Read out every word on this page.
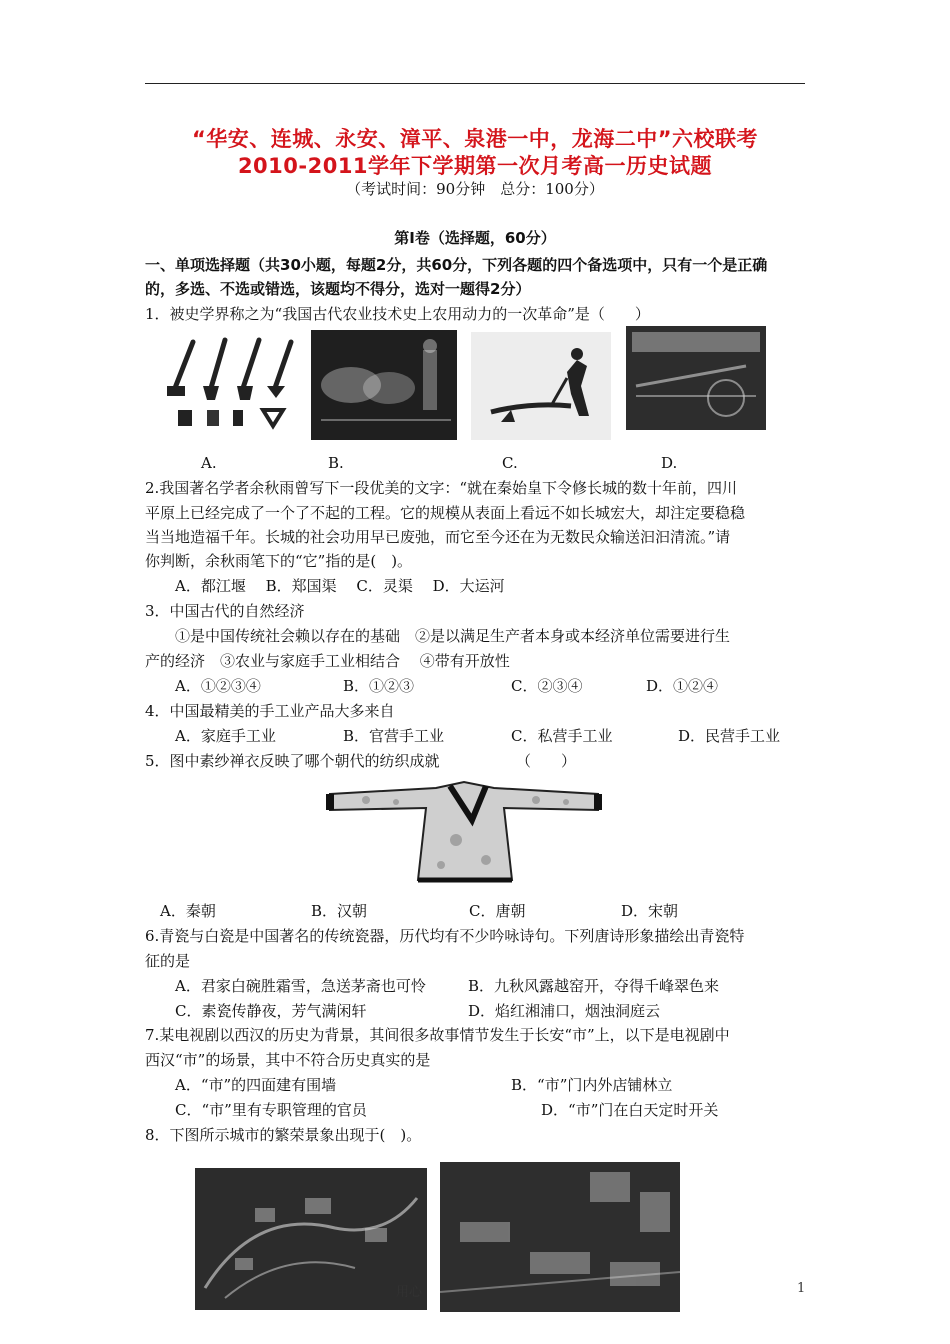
“华安、连城、永安、漳平、泉港一中，龙海二中”六校联考
2010-2011学年下学期第一次月考高一历史试题
（考试时间：90分钟　总分：100分）
第Ⅰ卷（选择题，60分）
一、单项选择题（共30小题，每题2分，共60分，下列各题的四个备选项中，只有一个是正确
的，多选、不选或错选，该题均不得分，选对一题得2分）
1．被史学界称之为“我国古代农业技术史上农用动力的一次革命”是（　　）
A.	B.	C.	D.
2.我国著名学者余秋雨曾写下一段优美的文字：“就在秦始皇下令修长城的数十年前，四川
平原上已经完成了一个了不起的工程。它的规模从表面上看远不如长城宏大，却注定要稳稳
当当地造福千年。长城的社会功用早已废弛，而它至今还在为无数民众输送汩汩清流。”请
你判断，余秋雨笔下的“它”指的是(　)。
A．都江堰　 B．郑国渠　 C．灵渠　 D．大运河
3．中国古代的自然经济
①是中国传统社会赖以存在的基础　②是以满足生产者本身或本经济单位需要进行生
产的经济　③农业与家庭手工业相结合　 ④带有开放性
A．①②③④	B．①②③	C．②③④	D．①②④
4．中国最精美的手工业产品大多来自
A．家庭手工业	B．官营手工业	C．私营手工业	D．民营手工业
5．图中素纱禅衣反映了哪个朝代的纺织成就	（　　）
A．秦朝	B．汉朝	C．唐朝	D．宋朝
6.青瓷与白瓷是中国著名的传统瓷器，历代均有不少吟咏诗句。下列唐诗形象描绘出青瓷特
征的是
A．君家白碗胜霜雪，急送茅斋也可怜	B．九秋风露越窑开，夺得千峰翠色来
C．素瓷传静夜，芳气满闲轩	D．焰红湘浦口，烟浊洞庭云
7.某电视剧以西汉的历史为背景，其间很多故事情节发生于长安“市”上，以下是电视剧中
西汉“市”的场景，其中不符合历史真实的是
A．“市”的四面建有围墙	B．“市”门内外店铺林立
C．“市”里有专职管理的官员	D．“市”门在白天定时开关
8．下图所示城市的繁荣景象出现于(　)。
用心	1
